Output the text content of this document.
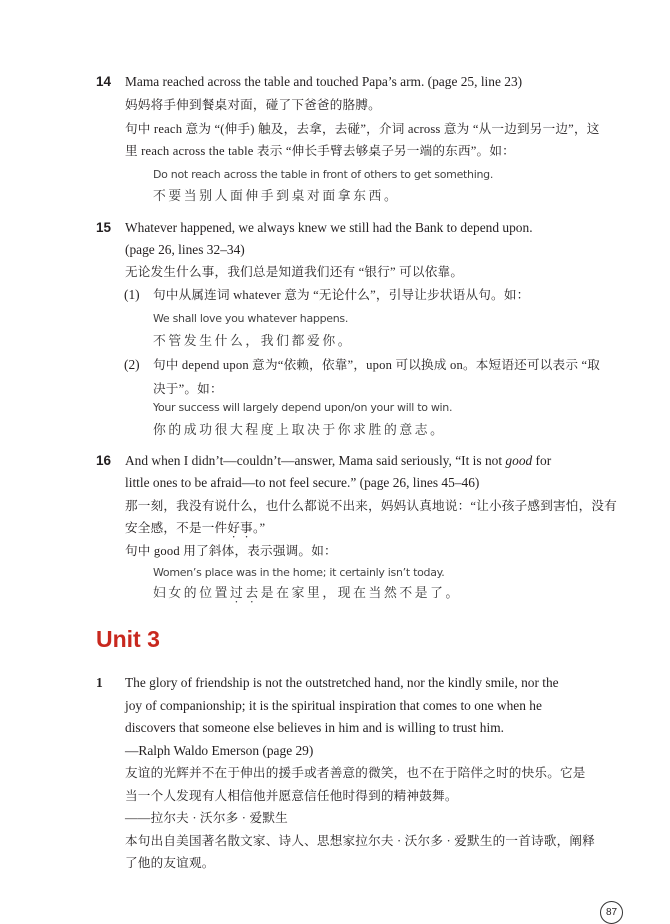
14 Mama reached across the table and touched Papa’s arm. (page 25, line 23)
妈妈将手伸到餐桌对面，碰了下爸爸的胳膊。
句中 reach 意为 “(伸手) 触及，去拿，去碰”，介词 across 意为 “从一边到另一边”，这
里 reach across the table 表示 “伸长手臂去够桌子另一端的东西”。如：
Do not reach across the table in front of others to get something.
不要当别人面伸手到桌对面拿东西。
15 Whatever happened, we always knew we still had the Bank to depend upon.
(page 26, lines 32–34)
无论发生什么事，我们总是知道我们还有 “银行” 可以依靠。
(1) 句中从属连词 whatever 意为 “无论什么”，引导让步状语从句。如：
We shall love you whatever happens.
不管发生什么，我们都爱你。
(2) 句中 depend upon 意为“依赖，依靠”，upon 可以换成 on。本短语还可以表示 “取
决于”。如：
Your success will largely depend upon/on your will to win.
你的成功很大程度上取决于你求胜的意志。
16 And when I didn’t—couldn’t—answer, Mama said seriously, “It is not good for
little ones to be afraid—to not feel secure.” (page 26, lines 45–46)
那一刻，我没有说什么，也什么都说不出来，妈妈认真地说：“让小孩子感到害怕，没有
安全感，不是一件好事。”
句中 good 用了斜体，表示强调。如：
Women’s place was in the home; it certainly isn’t today.
妇女的位置过去是在家里，现在当然不是了。
Unit 3
1 The glory of friendship is not the outstretched hand, nor the kindly smile, nor the
joy of companionship; it is the spiritual inspiration that comes to one when he
discovers that someone else believes in him and is willing to trust him.
—Ralph Waldo Emerson (page 29)
友谊的光辉并不在于伸出的援手或者善意的微笑，也不在于陪伴之时的快乐。它是
当一个人发现有人相信他并愿意信任他时得到的精神鼓舞。
——拉尔夫 · 沃尔多 · 爱默生
本句出自美国著名散文家、诗人、思想家拉尔夫 · 沃尔多 · 爱默生的一首诗歌，阐释
了他的友谊观。
87
